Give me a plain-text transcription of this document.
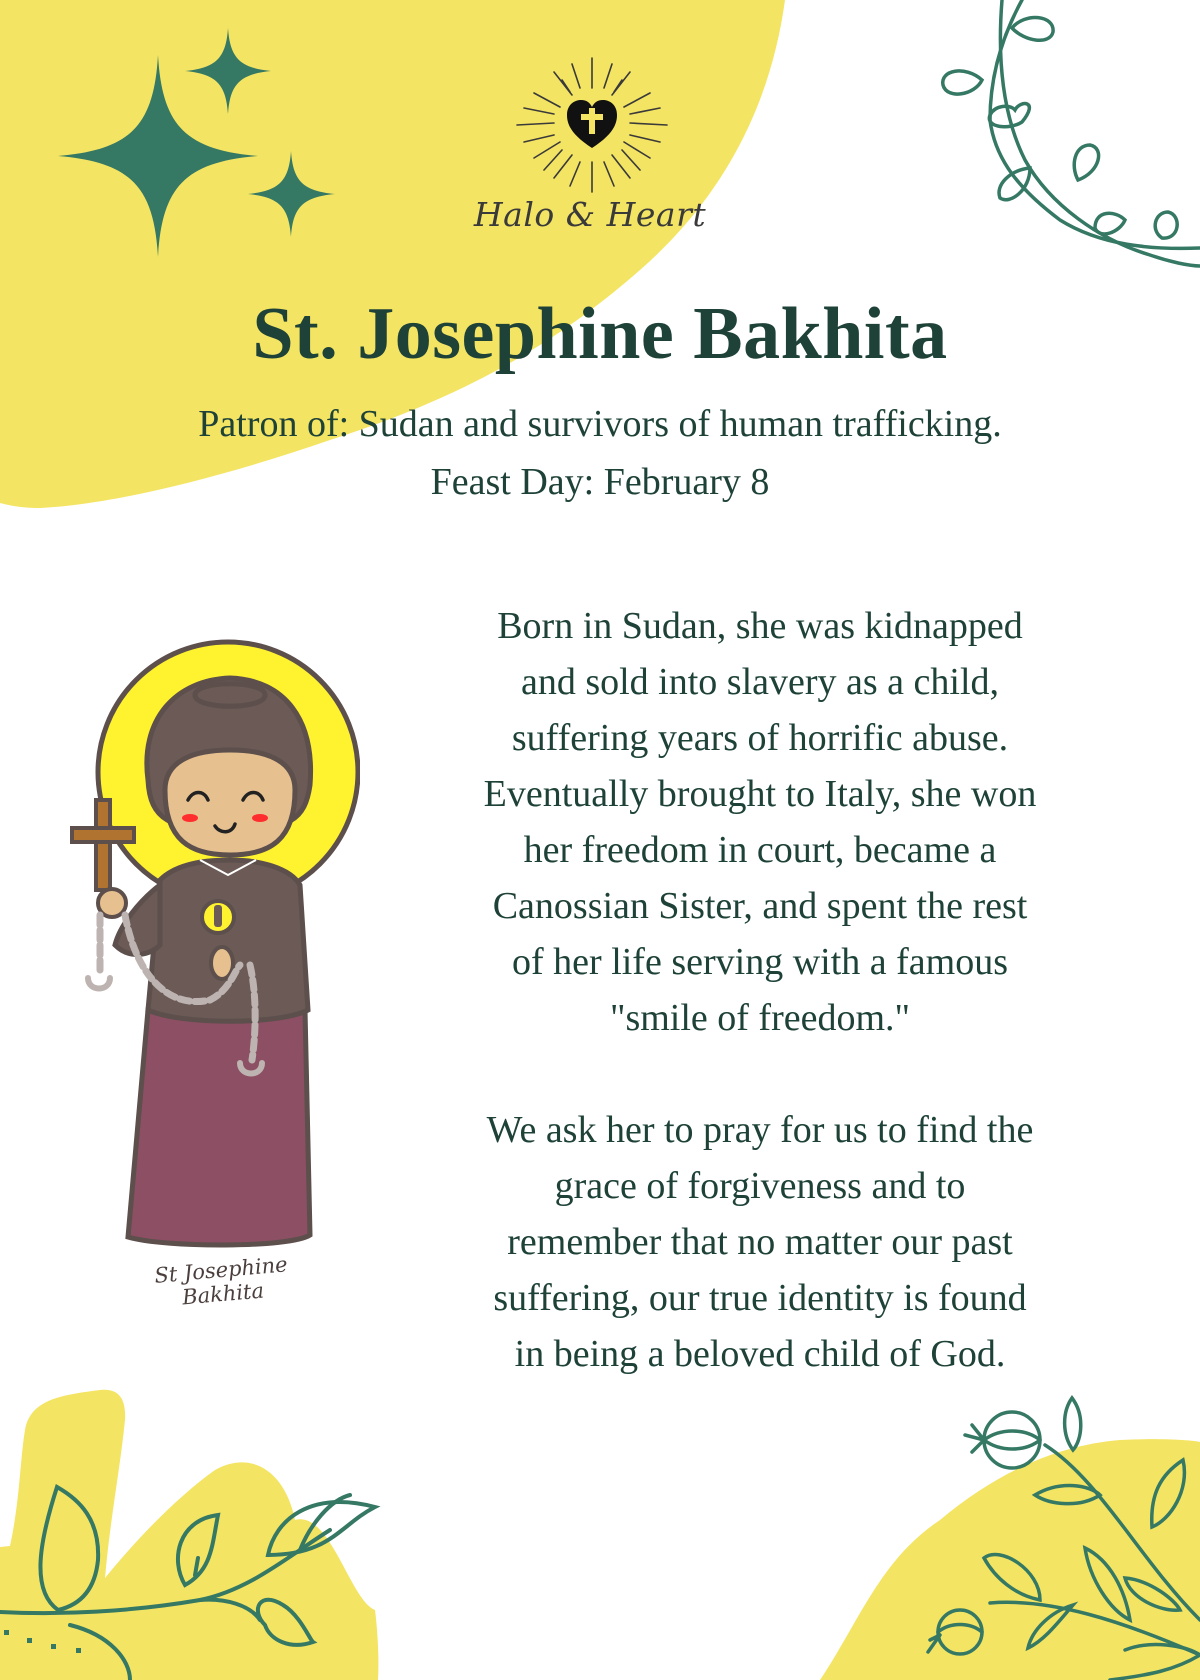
Halo & Heart
St. Josephine Bakhita
Patron of: Sudan and survivors of human trafficking.
Feast Day: February 8
St Josephine Bakhita

Born in Sudan, she was kidnapped
and sold into slavery as a child,
suffering years of horrific abuse.
Eventually brought to Italy, she won
her freedom in court, became a
Canossian Sister, and spent the rest
of her life serving with a famous
"smile of freedom."

We ask her to pray for us to find the
grace of forgiveness and to
remember that no matter our past
suffering, our true identity is found
in being a beloved child of God.
